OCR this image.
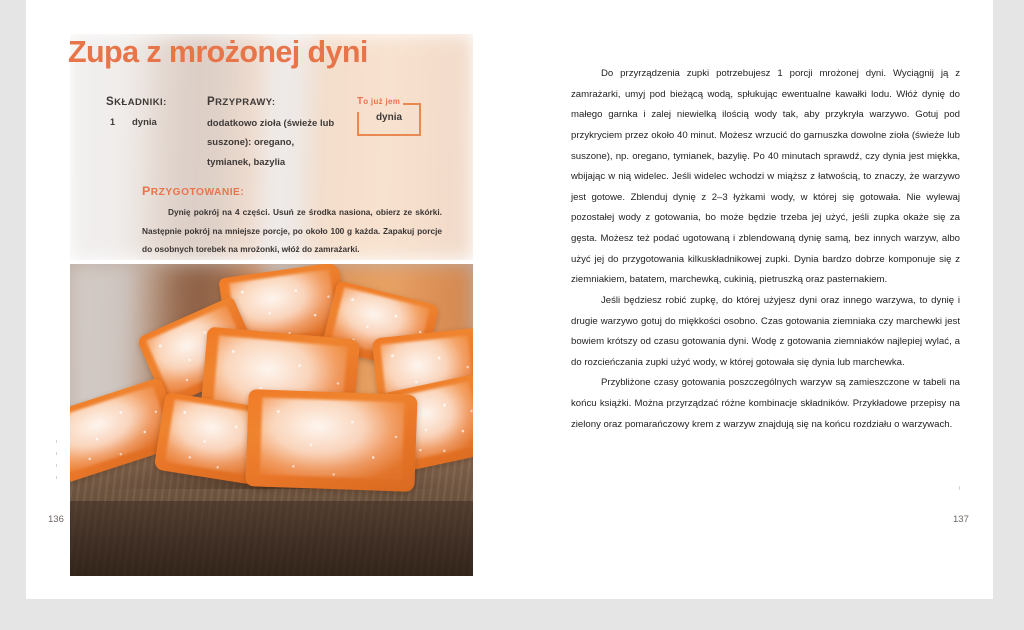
Zupa z mrożonej dyni
SKŁADNIKI:
1 dynia
PRZYPRAWY:
dodatkowo zioła (świeże lub suszone): oregano, tymianek, bazylia
To już jem
dynia
PRZYGOTOWANIE:
Dynię pokrój na 4 części. Usuń ze środka nasiona, obierz ze skórki. Następnie pokrój na mniejsze porcje, po około 100 g każda. Zapakuj porcje do osobnych torebek na mrożonki, włóż do zamrażarki.

Do przyrządzenia zupki potrzebujesz 1 porcji mrożonej dyni. Wyciągnij ją z zamrażarki, umyj pod bieżącą wodą, spłukując ewentualne kawałki lodu. Włóż dynię do małego garnka i zalej niewielką ilością wody tak, aby przykryła warzywo. Gotuj pod przykryciem przez około 40 minut. Możesz wrzucić do garnuszka dowolne zioła (świeże lub suszone), np. oregano, tymianek, bazylię. Po 40 minutach sprawdź, czy dynia jest miękka, wbijając w nią widelec. Jeśli widelec wchodzi w miąższ z łatwością, to znaczy, że warzywo jest gotowe. Zblenduj dynię z 2–3 łyżkami wody, w której się gotowała. Nie wylewaj pozostałej wody z gotowania, bo może będzie trzeba jej użyć, jeśli zupka okaże się za gęsta. Możesz też podać ugotowaną i zblendowaną dynię samą, bez innych warzyw, albo użyć jej do przygotowania kilkuskładnikowej zupki. Dynia bardzo dobrze komponuje się z ziemniakiem, batatem, marchewką, cukinią, pietruszką oraz pasternakiem.

Jeśli będziesz robić zupkę, do której użyjesz dyni oraz innego warzywa, to dynię i drugie warzywo gotuj do miękkości osobno. Czas gotowania ziemniaka czy marchewki jest bowiem krótszy od czasu gotowania dyni. Wodę z gotowania ziemniaków najlepiej wylać, a do rozcieńczania zupki użyć wody, w której gotowała się dynia lub marchewka.

Przybliżone czasy gotowania poszczególnych warzyw są zamieszczone w tabeli na końcu książki. Można przyrządzać różne kombinacje składników. Przykładowe przepisy na zielony oraz pomarańczowy krem z warzyw znajdują się na końcu rozdziału o warzywach.

136	137
